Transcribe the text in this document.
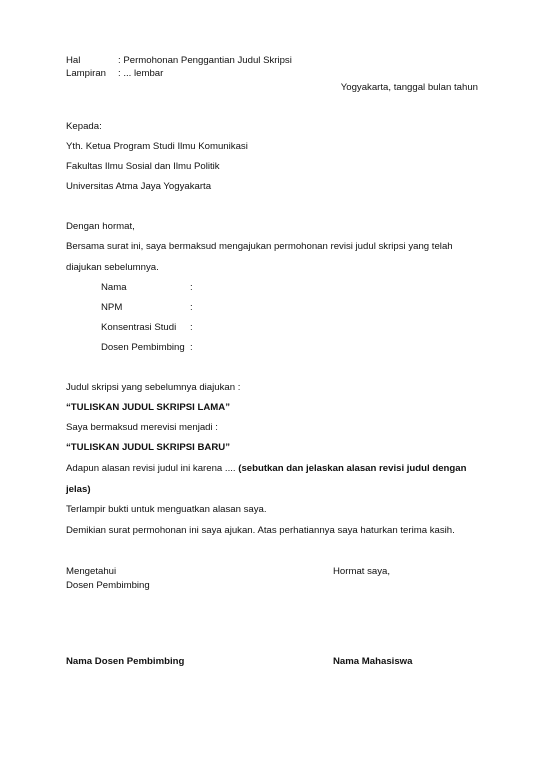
Hal	: Permohonan Penggantian Judul Skripsi
Lampiran : ... lembar
Yogyakarta, tanggal bulan tahun
Kepada:
Yth. Ketua Program Studi Ilmu Komunikasi
Fakultas Ilmu Sosial dan Ilmu Politik
Universitas Atma Jaya Yogyakarta
Dengan hormat,
Bersama surat ini, saya bermaksud mengajukan permohonan revisi judul skripsi yang telah
diajukan sebelumnya.
Nama	:
NPM	:
Konsentrasi Studi :
Dosen Pembimbing :
Judul skripsi yang sebelumnya diajukan :
“TULISKAN JUDUL SKRIPSI LAMA”
Saya bermaksud merevisi menjadi :
“TULISKAN JUDUL SKRIPSI BARU”
Adapun alasan revisi judul ini karena .... (sebutkan dan jelaskan alasan revisi judul dengan
jelas)
Terlampir bukti untuk menguatkan alasan saya.
Demikian surat permohonan ini saya ajukan. Atas perhatiannya saya haturkan terima kasih.
Mengetahui
Dosen Pembimbing
Hormat saya,
Nama Dosen Pembimbing	Nama Mahasiswa
